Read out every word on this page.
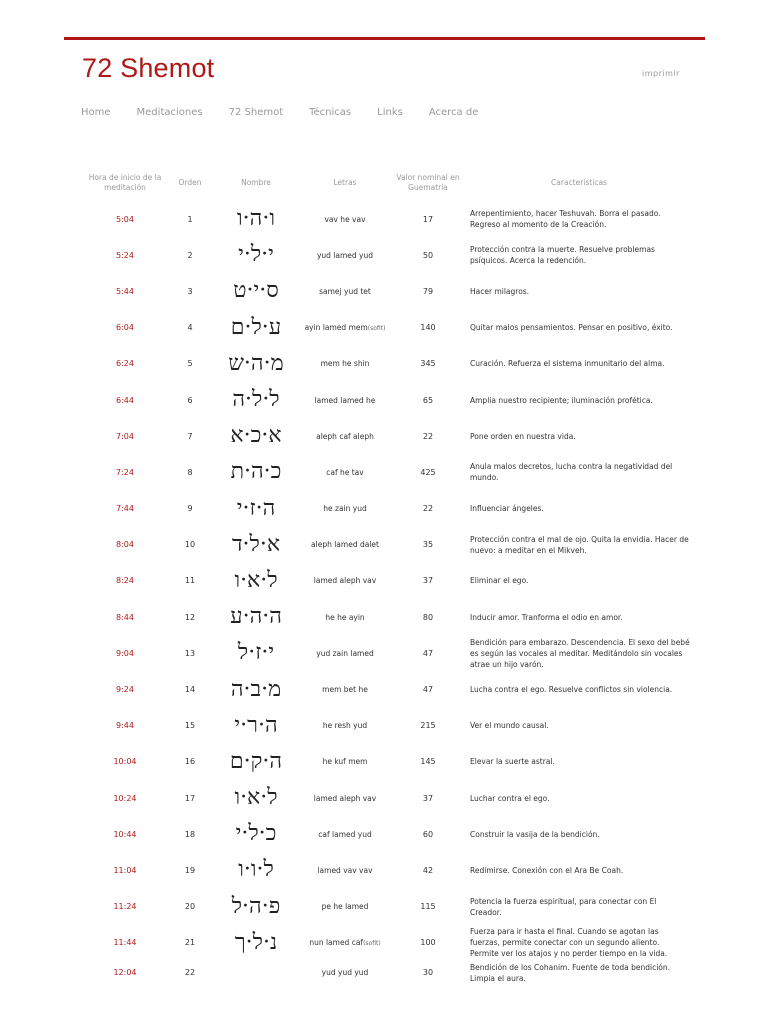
72 Shemot	imprimir
Home	Meditaciones	72 Shemot	Técnicas	Links	Acerca de
Hora de inicio de la meditación	Orden	Nombre	Letras	Valor nominal en Guematría	Características
5:04	1	ו·ה·ו	vav he vav	17	Arrepentimiento, hacer Teshuvah. Borra el pasado. Regreso al momento de la Creación.
5:24	2	י·ל·י	yud lamed yud	50	Protección contra la muerte. Resuelve problemas psíquicos. Acerca la redención.
5:44	3	ס·י·ט	samej yud tet	79	Hacer milagros.
6:04	4	ע·ל·ם	ayin lamed mem(sofit)	140	Quitar malos pensamientos. Pensar en positivo, éxito.
6:24	5	מ·ה·ש	mem he shin	345	Curación. Refuerza el sistema inmunitario del alma.
6:44	6	ל·ל·ה	lamed lamed he	65	Amplia nuestro recipiente; iluminación profética.
7:04	7	א·כ·א	aleph caf aleph	22	Pone orden en nuestra vida.
7:24	8	כ·ה·ת	caf he tav	425	Anula malos decretos, lucha contra la negatividad del mundo.
7:44	9	ה·ז·י	he zain yud	22	Influenciar ángeles.
8:04	10	א·ל·ד	aleph lamed dalet	35	Protección contra el mal de ojo. Quita la envidia. Hacer de nuevo: a meditar en el Mikveh.
8:24	11	ל·א·ו	lamed aleph vav	37	Eliminar el ego.
8:44	12	ה·ה·ע	he he ayin	80	Inducir amor. Tranforma el odio en amor.
9:04	13	י·ז·ל	yud zain lamed	47	Bendición para embarazo. Descendencia. El sexo del bebé es según las vocales al meditar. Meditándolo sin vocales atrae un hijo varón.
9:24	14	מ·ב·ה	mem bet he	47	Lucha contra el ego. Resuelve conflictos sin violencia.
9:44	15	ה·ר·י	he resh yud	215	Ver el mundo causal.
10:04	16	ה·ק·ם	he kuf mem	145	Elevar la suerte astral.
10:24	17	ל·א·ו	lamed aleph vav	37	Luchar contra el ego.
10:44	18	כ·ל·י	caf lamed yud	60	Construir la vasija de la bendición.
11:04	19	ל·ו·ו	lamed vav vav	42	Redimirse. Conexión con el Ara Be Coah.
11:24	20	פ·ה·ל	pe he lamed	115	Potencia la fuerza espiritual, para conectar con El Creador.
11:44	21	נ·ל·ך	nun lamed caf(sofit)	100	Fuerza para ir hasta el final. Cuando se agotan las fuerzas, permite conectar con un segundo aliento. Permite ver los atajos y no perder tiempo en la vida.
12:04	22		yud yud yud	30	Bendición de los Cohanim. Fuente de toda bendición. Limpia el aura.
